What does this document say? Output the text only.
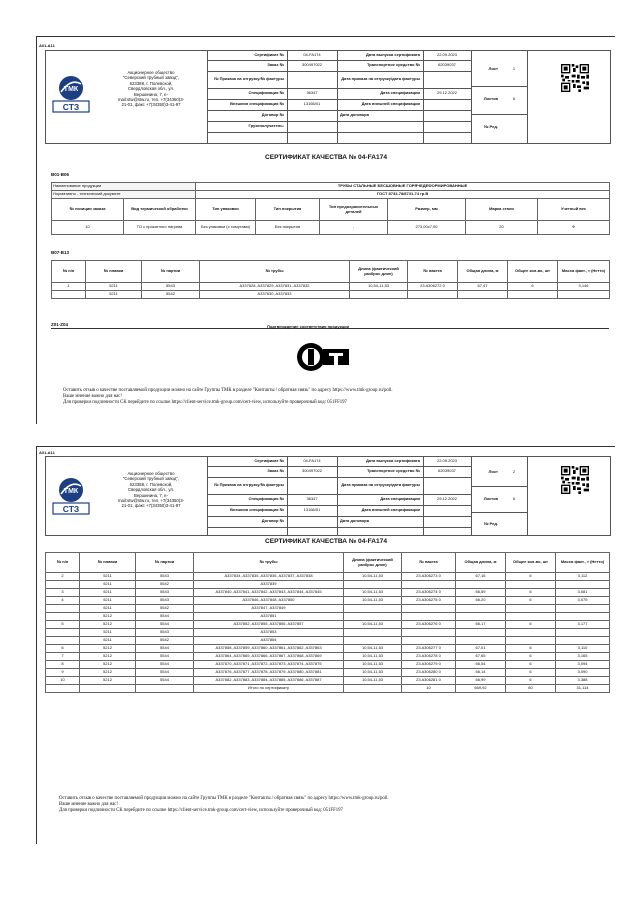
A01-A11
ТМК
СТЗ
Акционерное общество
"Северский трубный завод",
623388, г. Полевской,
Свердловская обл., ул.
Вершинина, 7, e-
mail:stw@stw.ru, тел. +7(34350)3-
21-01, факс +7(34350)3-41-97
Сертификат №	04-FA174	Дата выпуска сертификата	22.09.2023
Заказ №	300497022	Транспортное средство №	62039037
№ Приказа на отгрузку/№ фактуры	Дата приказа на отгрузку/дата фактуры
Спецификация №	36347	Дата спецификации	29.12.2022
Внешняя спецификация №	13166/01	Дата внешней спецификации
Договор №	Дата договора
Грузополучатель:
Лист	1
Листов	6
№ Ред.
СЕРТИФИКАТ КАЧЕСТВА № 04-FA174
B01-B06
Наименование продукции		ТРУБЫ СТАЛЬНЫЕ БЕСШОВНЫЕ ГОРЯЧЕДЕФОРМИРОВАННЫЕ					
Нормативно - технический документ		ГОСТ 8732-78/8731-74 гр.В					
№ позиции заказа	Вид термической обработки	Тип упаковки	Тип покрытия	Тип предохранительных деталей	Размер, мм	Марка стали	Учетный вес
10	ТО с прокатного нагрева	Без упаковки (с хомутами)	Без покрытия	-	273,00x7,00	20	Ф
B07-B13
№ п/п	№ плавки	№ партии	№ трубы	Длина (фактический разброс длин)	№ пакета	Общая длина, м	Общее кол-во, шт	Масса факт., т (Нетто)
1	5211	5543	A337828, A337829, A337831, A337832	10,54-11,53	23 A306272 0	67,47	6	3,146
	5211	5542	A337830, A337833					
Z01-Z04	Подтверждение соответствия продукции
Оставить отзыв о качестве поставляемой продукции можно на сайте Группы ТМК в разделе "Контакты / обратная связь" по адресу https://www.tmk-group.ru/poll.
Ваше мнение важно для нас!
Для проверки подлинности СК перейдите по ссылке https://client-service.tmk-group.com/cert-view, используйте проверочный код: 051FF197
A01-A11
ТМК
СТЗ
Акционерное общество
"Северский трубный завод",
623388, г. Полевской,
Свердловская обл., ул.
Вершинина, 7, e-
mail:stw@stw.ru, тел. +7(34350)3-
21-01, факс +7(34350)3-41-97
Сертификат №	04-FA174	Дата выпуска сертификата	22.09.2023
Заказ №	300497022	Транспортное средство №	62039037
№ Приказа на отгрузку/№ фактуры	Дата приказа на отгрузку/дата фактуры
Спецификация №	36347	Дата спецификации	29.12.2022
Внешняя спецификация №	13166/01	Дата внешней спецификации
Договор №	Дата договора
Лист	2
Листов	6
№ Ред.
СЕРТИФИКАТ КАЧЕСТВА № 04-FA174
№ п/п	№ плавки	№ партии	№ трубы	Длина (фактический разброс длин)	№ пакета	Общая длина, м	Общее кол-во, шт	Масса факт., т (Нетто)
2	5211	5543	A337834, A337835, A337836, A337837, A337838	10,54-11,53	23 A306273 0	67,16	6	3,112
	5211	5542	A337839					
3	5211	5543	A337840, A337841, A337842, A337843, A337844, A337845	10,54-11,53	23 A306274 0	66,59	6	3,081
4	5211	5543	A337846, A337848, A337850	10,54-11,53	23 A306275 0	66,20	6	3,075
	5211	5542	A337847, A337849					
	5212	5544	A337851					
5	5212	5544	A337852, A337855, A337856, A337857	10,54-11,53	23 A306276 0	66,17	6	3,177
	5211	5543	A337853					
	5211	5542	A337854					
6	5212	5544	A337858, A337859, A337860, A337861, A337862, A337863	10,54-11,53	23 A306277 0	67,01	6	3,110
7	5212	5544	A337864, A337865, A337866, A337867, A337868, A337869	10,54-11,53	23 A306278 0	67,65	6	3,165
8	5212	5544	A337870, A337871, A337872, A337873, A337874, A337875	10,54-11,53	23 A306279 0	66,54	6	3,094
9	5212	5544	A337876, A337877, A337878, A337879, A337880, A337881	10,54-11,53	23 A306280 0	66,14	6	3,090
10	5212	5544	A337882, A337883, A337884, A337885, A337886, A337887	10,54-11,53	23 A306281 0	66,99	6	3,388
			Итого по сертификату		10	669,92	60	31,114
Оставить отзыв о качестве поставляемой продукции можно на сайте Группы ТМК в разделе "Контакты / обратная связь" по адресу https://www.tmk-group.ru/poll.
Ваше мнение важно для нас!
Для проверки подлинности СК перейдите по ссылке https://client-service.tmk-group.com/cert-view, используйте проверочный код: 051FF197
